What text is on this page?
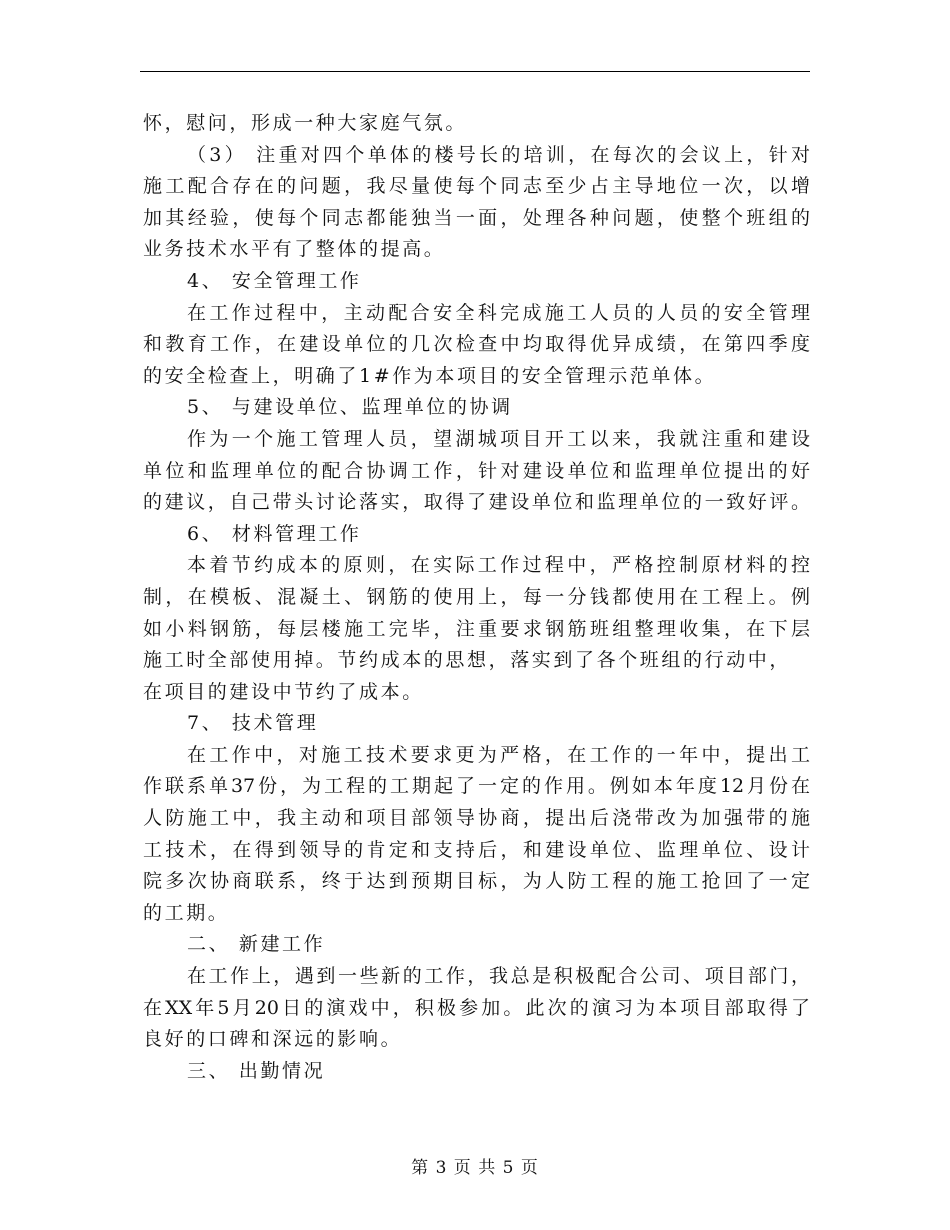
怀，慰问，形成一种大家庭气氛。
（3） 注重对四个单体的楼号长的培训，在每次的会议上，针对
施工配合存在的问题，我尽量使每个同志至少占主导地位一次，以增
加其经验，使每个同志都能独当一面，处理各种问题，使整个班组的
业务技术水平有了整体的提高。
4、 安全管理工作
在工作过程中，主动配合安全科完成施工人员的人员的安全管理
和教育工作，在建设单位的几次检查中均取得优异成绩，在第四季度
的安全检查上，明确了1#作为本项目的安全管理示范单体。
5、 与建设单位、监理单位的协调
作为一个施工管理人员，望湖城项目开工以来，我就注重和建设
单位和监理单位的配合协调工作，针对建设单位和监理单位提出的好
的建议，自己带头讨论落实，取得了建设单位和监理单位的一致好评。
6、 材料管理工作
本着节约成本的原则，在实际工作过程中，严格控制原材料的控
制，在模板、混凝土、钢筋的使用上，每一分钱都使用在工程上。例
如小料钢筋，每层楼施工完毕，注重要求钢筋班组整理收集，在下层
施工时全部使用掉。节约成本的思想，落实到了各个班组的行动中，
在项目的建设中节约了成本。
7、 技术管理
在工作中，对施工技术要求更为严格，在工作的一年中，提出工
作联系单37份，为工程的工期起了一定的作用。例如本年度12月份在
人防施工中，我主动和项目部领导协商，提出后浇带改为加强带的施
工技术，在得到领导的肯定和支持后，和建设单位、监理单位、设计
院多次协商联系，终于达到预期目标，为人防工程的施工抢回了一定
的工期。
二、 新建工作
在工作上，遇到一些新的工作，我总是积极配合公司、项目部门，
在XX年5月20日的演戏中，积极参加。此次的演习为本项目部取得了
良好的口碑和深远的影响。
三、 出勤情况
第 3 页 共 5 页
